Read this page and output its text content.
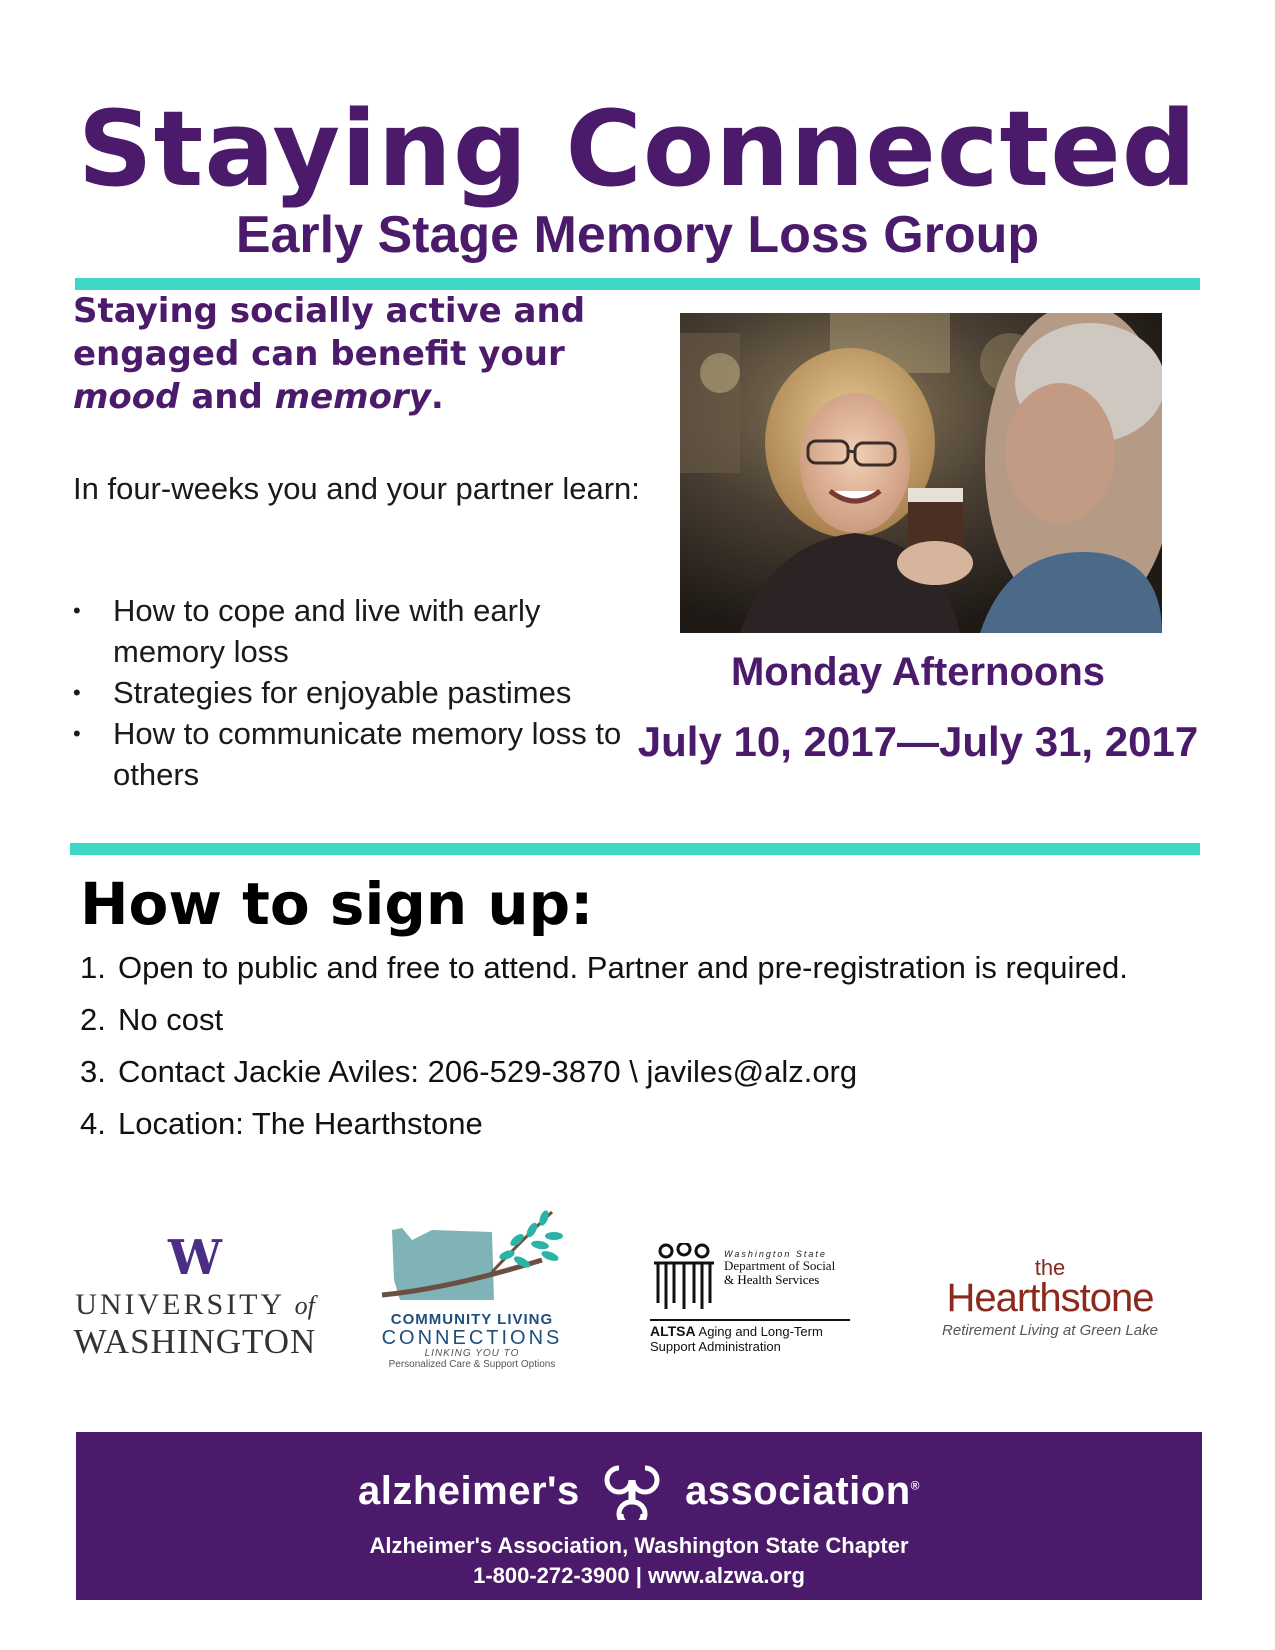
Staying Connected
Early Stage Memory Loss Group
Staying socially active and engaged can benefit your mood and memory.
In four-weeks you and your partner learn:
• How to cope and live with early memory loss
• Strategies for enjoyable pastimes
• How to communicate memory loss to others
Monday Afternoons
July 10, 2017—July 31, 2017
How to sign up:
1. Open to public and free to attend. Partner and pre-registration is required.
2. No cost
3. Contact Jackie Aviles: 206-529-3870 \ javiles@alz.org
4. Location: The Hearthstone
W
UNIVERSITY of
WASHINGTON
COMMUNITY LIVING
CONNECTIONS
LINKING YOU TO
Personalized Care & Support Options
Washington State
Department of Social
& Health Services
ALTSA Aging and Long-Term
Support Administration
the
Hearthstone
Retirement Living at Green Lake
alzheimer's	association®
Alzheimer's Association, Washington State Chapter
1-800-272-3900 | www.alzwa.org
